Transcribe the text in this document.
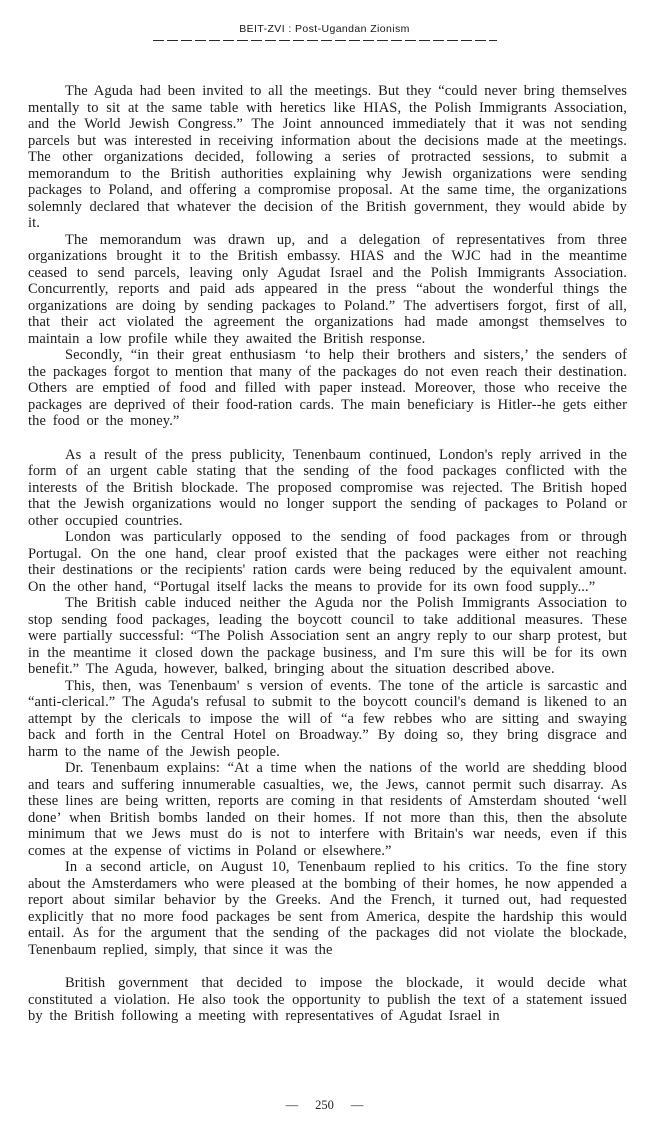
BEIT-ZVI : Post-Ugandan Zionism

The Aguda had been invited to all the meetings. But they “could never bring themselves mentally to sit at the same table with heretics like HIAS, the Polish Immigrants Association, and the World Jewish Congress.” The Joint announced immediately that it was not sending parcels but was interested in receiving information about the decisions made at the meetings. The other organizations decided, following a series of protracted sessions, to submit a memorandum to the British authorities explaining why Jewish organizations were sending packages to Poland, and offering a compromise proposal. At the same time, the organizations solemnly declared that whatever the decision of the British government, they would abide by it.

The memorandum was drawn up, and a delegation of representatives from three organizations brought it to the British embassy. HIAS and the WJC had in the meantime ceased to send parcels, leaving only Agudat Israel and the Polish Immigrants Association. Concurrently, reports and paid ads appeared in the press “about the wonderful things the organizations are doing by sending packages to Poland.” The advertisers forgot, first of all, that their act violated the agreement the organizations had made amongst themselves to maintain a low profile while they awaited the British response.

Secondly, “in their great enthusiasm ‘to help their brothers and sisters,’ the senders of the packages forgot to mention that many of the packages do not even reach their destination. Others are emptied of food and filled with paper instead. Moreover, those who receive the packages are deprived of their food-ration cards. The main beneficiary is Hitler--he gets either the food or the money.”

As a result of the press publicity, Tenenbaum continued, London's reply arrived in the form of an urgent cable stating that the sending of the food packages conflicted with the interests of the British blockade. The proposed compromise was rejected. The British hoped that the Jewish organizations would no longer support the sending of packages to Poland or other occupied countries.

London was particularly opposed to the sending of food packages from or through Portugal. On the one hand, clear proof existed that the packages were either not reaching their destinations or the recipients' ration cards were being reduced by the equivalent amount. On the other hand, “Portugal itself lacks the means to provide for its own food supply...”

The British cable induced neither the Aguda nor the Polish Immigrants Association to stop sending food packages, leading the boycott council to take additional measures. These were partially successful: “The Polish Association sent an angry reply to our sharp protest, but in the meantime it closed down the package business, and I'm sure this will be for its own benefit.” The Aguda, however, balked, bringing about the situation described above.

This, then, was Tenenbaum' s version of events. The tone of the article is sarcastic and “anti-clerical.” The Aguda's refusal to submit to the boycott council's demand is likened to an attempt by the clericals to impose the will of “a few rebbes who are sitting and swaying back and forth in the Central Hotel on Broadway.” By doing so, they bring disgrace and harm to the name of the Jewish people.

Dr. Tenenbaum explains: “At a time when the nations of the world are shedding blood and tears and suffering innumerable casualties, we, the Jews, cannot permit such disarray. As these lines are being written, reports are coming in that residents of Amsterdam shouted ‘well done’ when British bombs landed on their homes. If not more than this, then the absolute minimum that we Jews must do is not to interfere with Britain's war needs, even if this comes at the expense of victims in Poland or elsewhere.”

In a second article, on August 10, Tenenbaum replied to his critics. To the fine story about the Amsterdamers who were pleased at the bombing of their homes, he now appended a report about similar behavior by the Greeks. And the French, it turned out, had requested explicitly that no more food packages be sent from America, despite the hardship this would entail. As for the argument that the sending of the packages did not violate the blockade, Tenenbaum replied, simply, that since it was the

British government that decided to impose the blockade, it would decide what constituted a violation. He also took the opportunity to publish the text of a statement issued by the British following a meeting with representatives of Agudat Israel in

— 250 —
